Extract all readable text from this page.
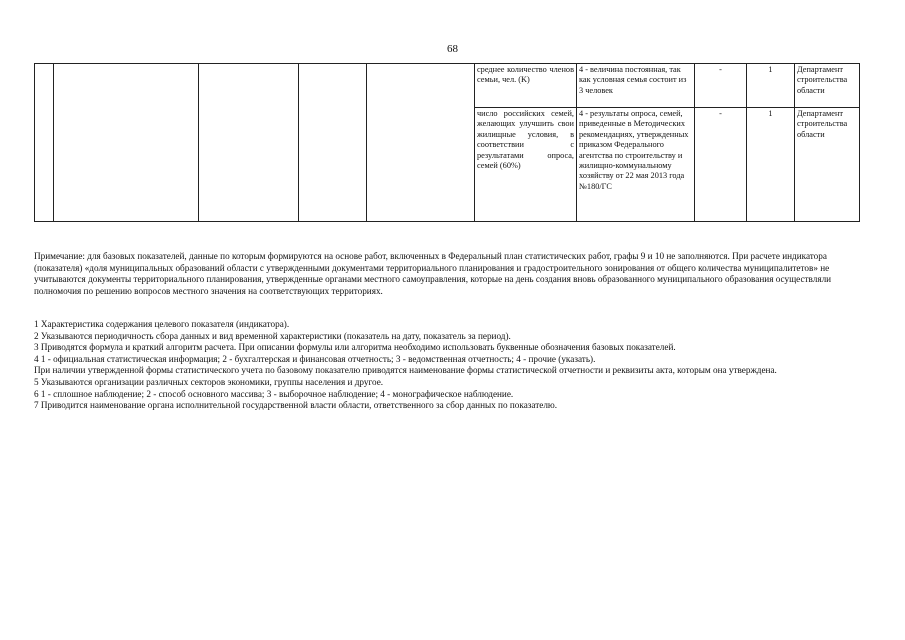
68
					среднее количество членов семьи, чел. (K)	4 - величина постоянная, так как условная семья состоит из 3 человек	-	1	Департамент строительства области
					число российских семей, желающих улучшить свои жилищные условия, в соответствии с результатами опроса, семей (60%)	4 - результаты опроса, семей, приведенные в Методических рекомендациях, утвержденных приказом Федерального агентства по строительству и жилищно-коммунальному хозяйству от 22 мая 2013 года №180/ГС	-	1	Департамент строительства области

Примечание: для базовых показателей, данные по которым формируются на основе работ, включенных в Федеральный план статистических работ, графы 9 и 10 не заполняются. При расчете индикатора (показателя) «доля муниципальных образований области с утвержденными документами территориального планирования и градостроительного зонирования от общего количества муниципалитетов» не учитываются документы территориального планирования, утвержденные органами местного самоуправления, которые на день создания вновь образованного муниципального образования осуществляли полномочия по решению вопросов местного значения на соответствующих территориях.

1 Характеристика содержания целевого показателя (индикатора).

2 Указываются периодичность сбора данных и вид временной характеристики (показатель на дату, показатель за период).

3 Приводятся формула и краткий алгоритм расчета. При описании формулы или алгоритма необходимо использовать буквенные обозначения базовых показателей.

4 1 - официальная статистическая информация; 2 - бухгалтерская и финансовая отчетность; 3 - ведомственная отчетность; 4 - прочие (указать).

При наличии утвержденной формы статистического учета по базовому показателю приводятся наименование формы статистической отчетности и реквизиты акта, которым она утверждена.

5 Указываются организации различных секторов экономики, группы населения и другое.

6 1 - сплошное наблюдение; 2 - способ основного массива; 3 - выборочное наблюдение; 4 - монографическое наблюдение.

7 Приводится наименование органа исполнительной государственной власти области, ответственного за сбор данных по показателю.
